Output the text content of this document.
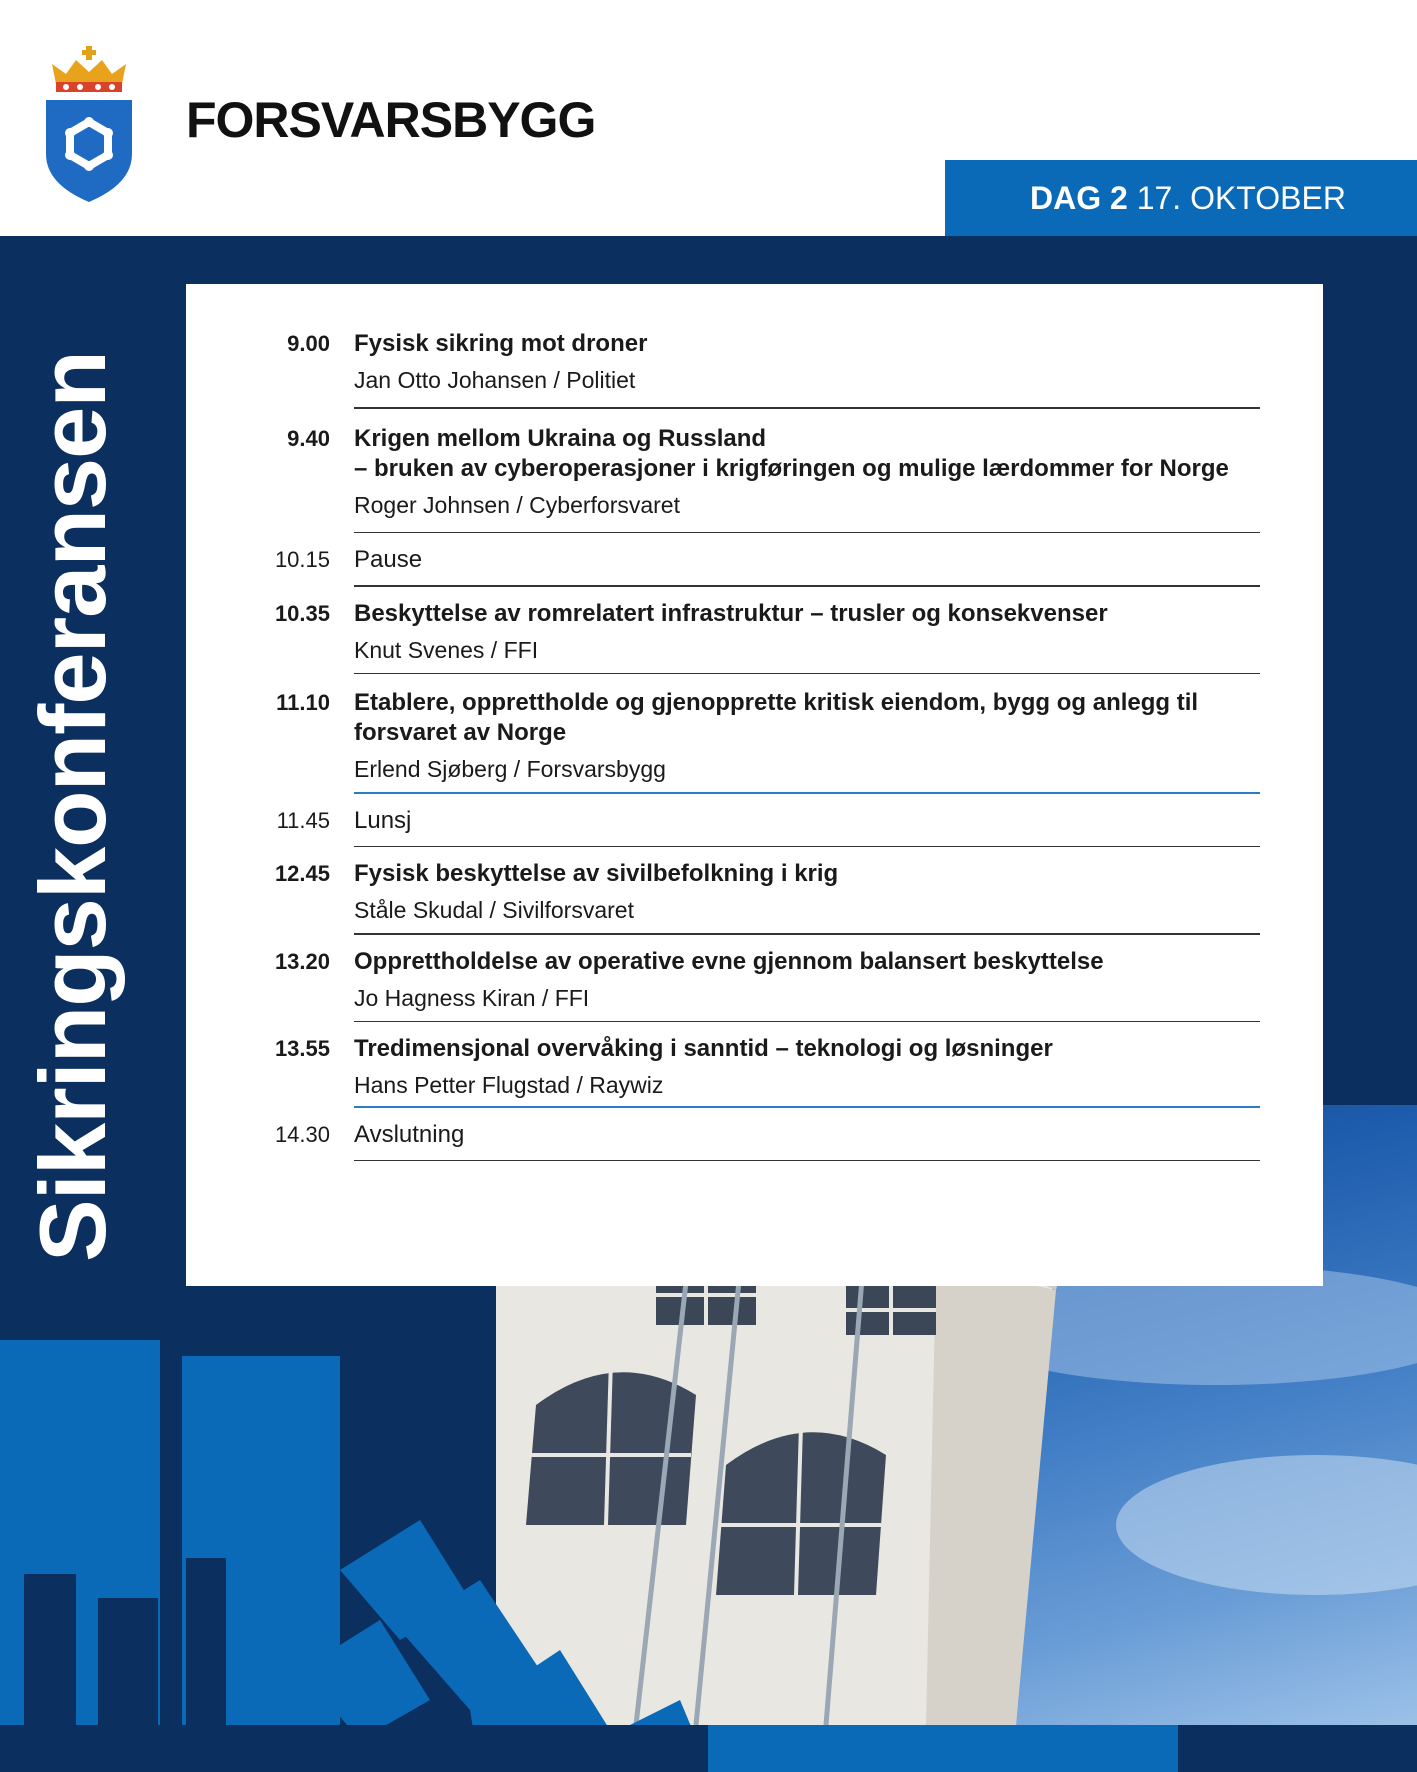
FORSVARSBYGG
DAG 2 17. OKTOBER
Sikringskonferansen
9.00 Fysisk sikring mot droner
Jan Otto Johansen / Politiet
9.40 Krigen mellom Ukraina og Russland
– bruken av cyberoperasjoner i krigføringen og mulige lærdommer for Norge
Roger Johnsen / Cyberforsvaret
10.15 Pause
10.35 Beskyttelse av romrelatert infrastruktur – trusler og konsekvenser
Knut Svenes / FFI
11.10 Etablere, opprettholde og gjenopprette kritisk eiendom, bygg og anlegg til
forsvaret av Norge
Erlend Sjøberg / Forsvarsbygg
11.45 Lunsj
12.45 Fysisk beskyttelse av sivilbefolkning i krig
Ståle Skudal / Sivilforsvaret
13.20 Opprettholdelse av operative evne gjennom balansert beskyttelse
Jo Hagness Kiran / FFI
13.55 Tredimensjonal overvåking i sanntid – teknologi og løsninger
Hans Petter Flugstad / Raywiz
14.30 Avslutning
